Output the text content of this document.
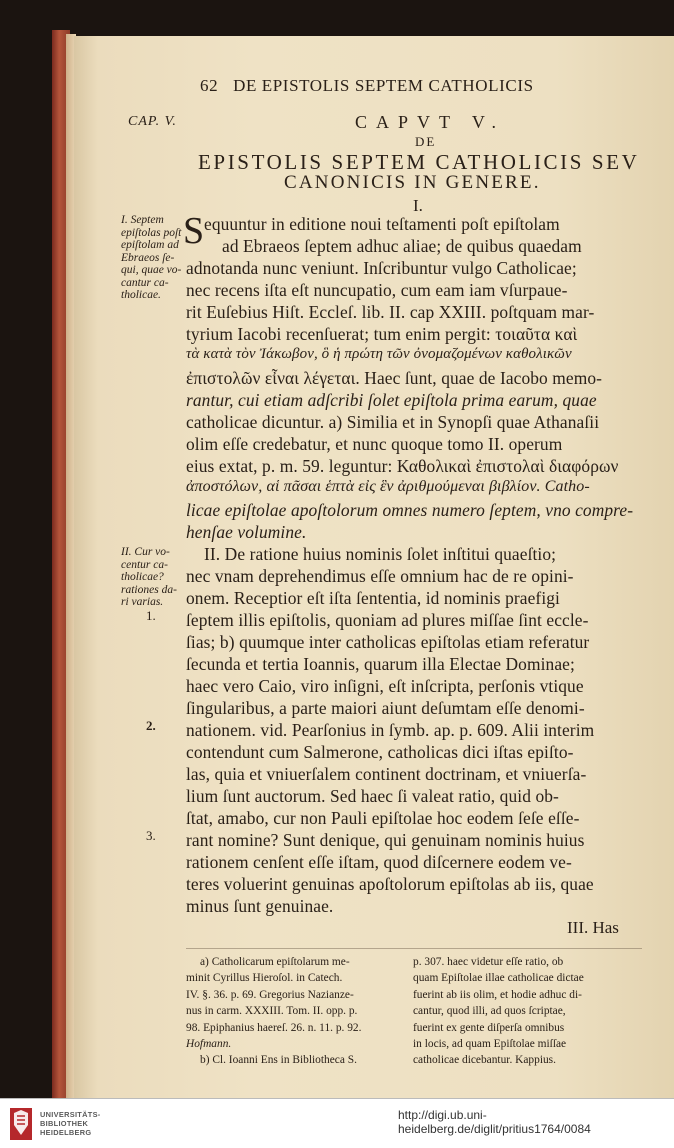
62 DE EPISTOLIS SEPTEM CATHOLICIS
CAP. V.	CAPVT V.
DE
EPISTOLIS SEPTEM CATHOLICIS SEV
CANONICIS IN GENERE.
I.
S equuntur in editione noui teſtamenti poſt epiſtolam
ad Ebraeos ſeptem adhuc aliae; de quibus quaedam
adnotanda nunc veniunt. Inſcribuntur vulgo Catholicae;
nec recens iſta eſt nuncupatio, cum eam iam vſurpaue-
rit Euſebius Hiſt. Eccleſ. lib. II. cap XXIII. poſtquam mar-
tyrium Iacobi recenſuerat; tum enim pergit: τοιαῦτα καὶ
τὰ κατὰ τὸν Ἰάκωβον, ὃ ἡ πρώτη τῶν ὀνομαζομένων καθολικῶν
ἐπιστολῶν εἶναι λέγεται. Haec ſunt, quae de Iacobo memo-
rantur, cui etiam adſcribi ſolet epiſtola prima earum, quae
catholicae dicuntur. a) Similia et in Synopſi quae Athanaſii
olim eſſe credebatur, et nunc quoque tomo II. operum
eius extat, p. m. 59. leguntur: Καθολικαὶ ἐπιστολαὶ διαφόρων
ἀποστόλων, αἱ πᾶσαι ἑπτὰ εἰς ἓν ἀριθμούμεναι βιβλίον. Catho-
licae epiſtolae apoſtolorum omnes numero ſeptem, vno compre-
henſae volumine.
II. De ratione huius nominis ſolet inſtitui quaeſtio;
nec vnam deprehendimus eſſe omnium hac de re opini-
onem. Receptior eſt iſta ſententia, id nominis praefigi
ſeptem illis epiſtolis, quoniam ad plures miſſae ſint eccle-
ſias; b) quumque inter catholicas epiſtolas etiam referatur
ſecunda et tertia Ioannis, quarum illa Electae Dominae;
haec vero Caio, viro inſigni, eſt inſcripta, perſonis vtique
ſingularibus, a parte maiori aiunt deſumtam eſſe denomi-
nationem. vid. Pearſonius in ſymb. ap. p. 609. Alii interim
contendunt cum Salmerone, catholicas dici iſtas epiſto-
las, quia et vniuerſalem continent doctrinam, et vniuerſa-
lium ſunt auctorum. Sed haec ſi valeat ratio, quid ob-
ſtat, amabo, cur non Pauli epiſtolae hoc eodem ſeſe eſſe-
rant nomine? Sunt denique, qui genuinam nominis huius
rationem cenſent eſſe iſtam, quod diſcernere eodem ve-
teres voluerint genuinas apoſtolorum epiſtolas ab iis, quae
minus ſunt genuinae.
I. Septem
epiſtolas poſt
epiſtolam ad
Ebraeos ſe-
qui, quae vo-
cantur ca-
tholicae.
II. Cur vo-
centur ca-
tholicae?
rationes da-
ri varias.
1.
2.
3.
III. Has
a) Catholicarum epiſtolarum me-
minit Cyrillus Hieroſol. in Catech.
IV. §. 36. p. 69. Gregorius Nazianze-
nus in carm. XXXIII. Tom. II. opp. p.
98. Epiphanius haereſ. 26. n. 11. p. 92.
Hofmann.
b) Cl. Ioanni Ens in Bibliotheca S.
p. 307. haec videtur eſſe ratio, ob
quam Epiſtolae illae catholicae dictae
fuerint ab iis olim, et hodie adhuc di-
cantur, quod illi, ad quos ſcriptae,
fuerint ex gente diſperſa omnibus
in locis, ad quam Epiſtolae miſſae
catholicae dicebantur. Kappius.
UNIVERSITÄTS-
BIBLIOTHEK
HEIDELBERG
http://digi.ub.uni-heidelberg.de/diglit/pritius1764/0084
